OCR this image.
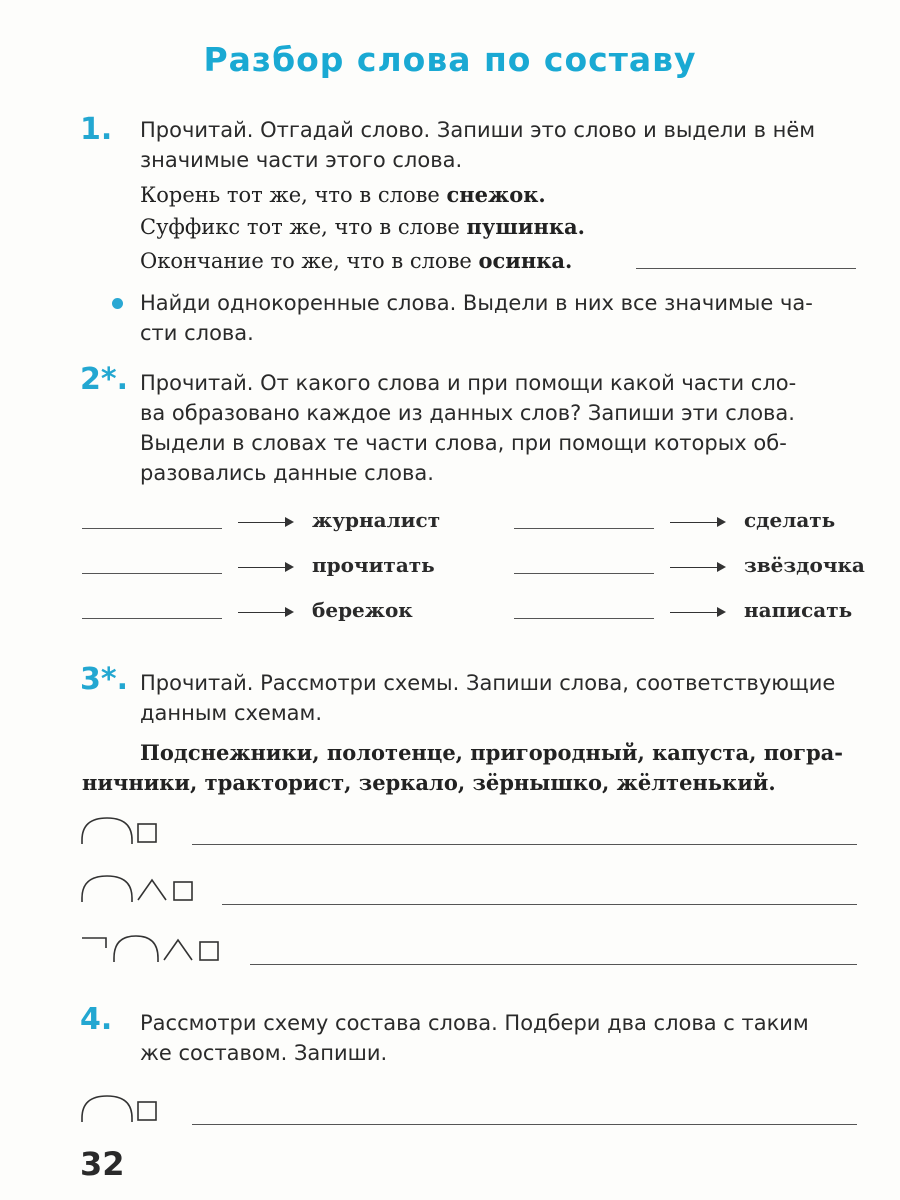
Разбор слова по составу
1. Прочитай. Отгадай слово. Запиши это слово и выдели в нём
значимые части этого слова.
Корень тот же, что в слове снежок.
Суффикс тот же, что в слове пушинка.
Окончание то же, что в слове осинка.
Найди однокоренные слова. Выдели в них все значимые ча-
сти слова.
2*. Прочитай. От какого слова и при помощи какой части сло-
ва образовано каждое из данных слов? Запиши эти слова.
Выдели в словах те части слова, при помощи которых об-
разовались данные слова.
журналист	сделать
прочитать	звёздочка
бережок	написать
3*. Прочитай. Рассмотри схемы. Запиши слова, соответствующие
данным схемам.
Подснежники, полотенце, пригородный, капуста, погра-
ничники, тракторист, зеркало, зёрнышко, жёлтенький.
4. Рассмотри схему состава слова. Подбери два слова с таким
же составом. Запиши.
32
